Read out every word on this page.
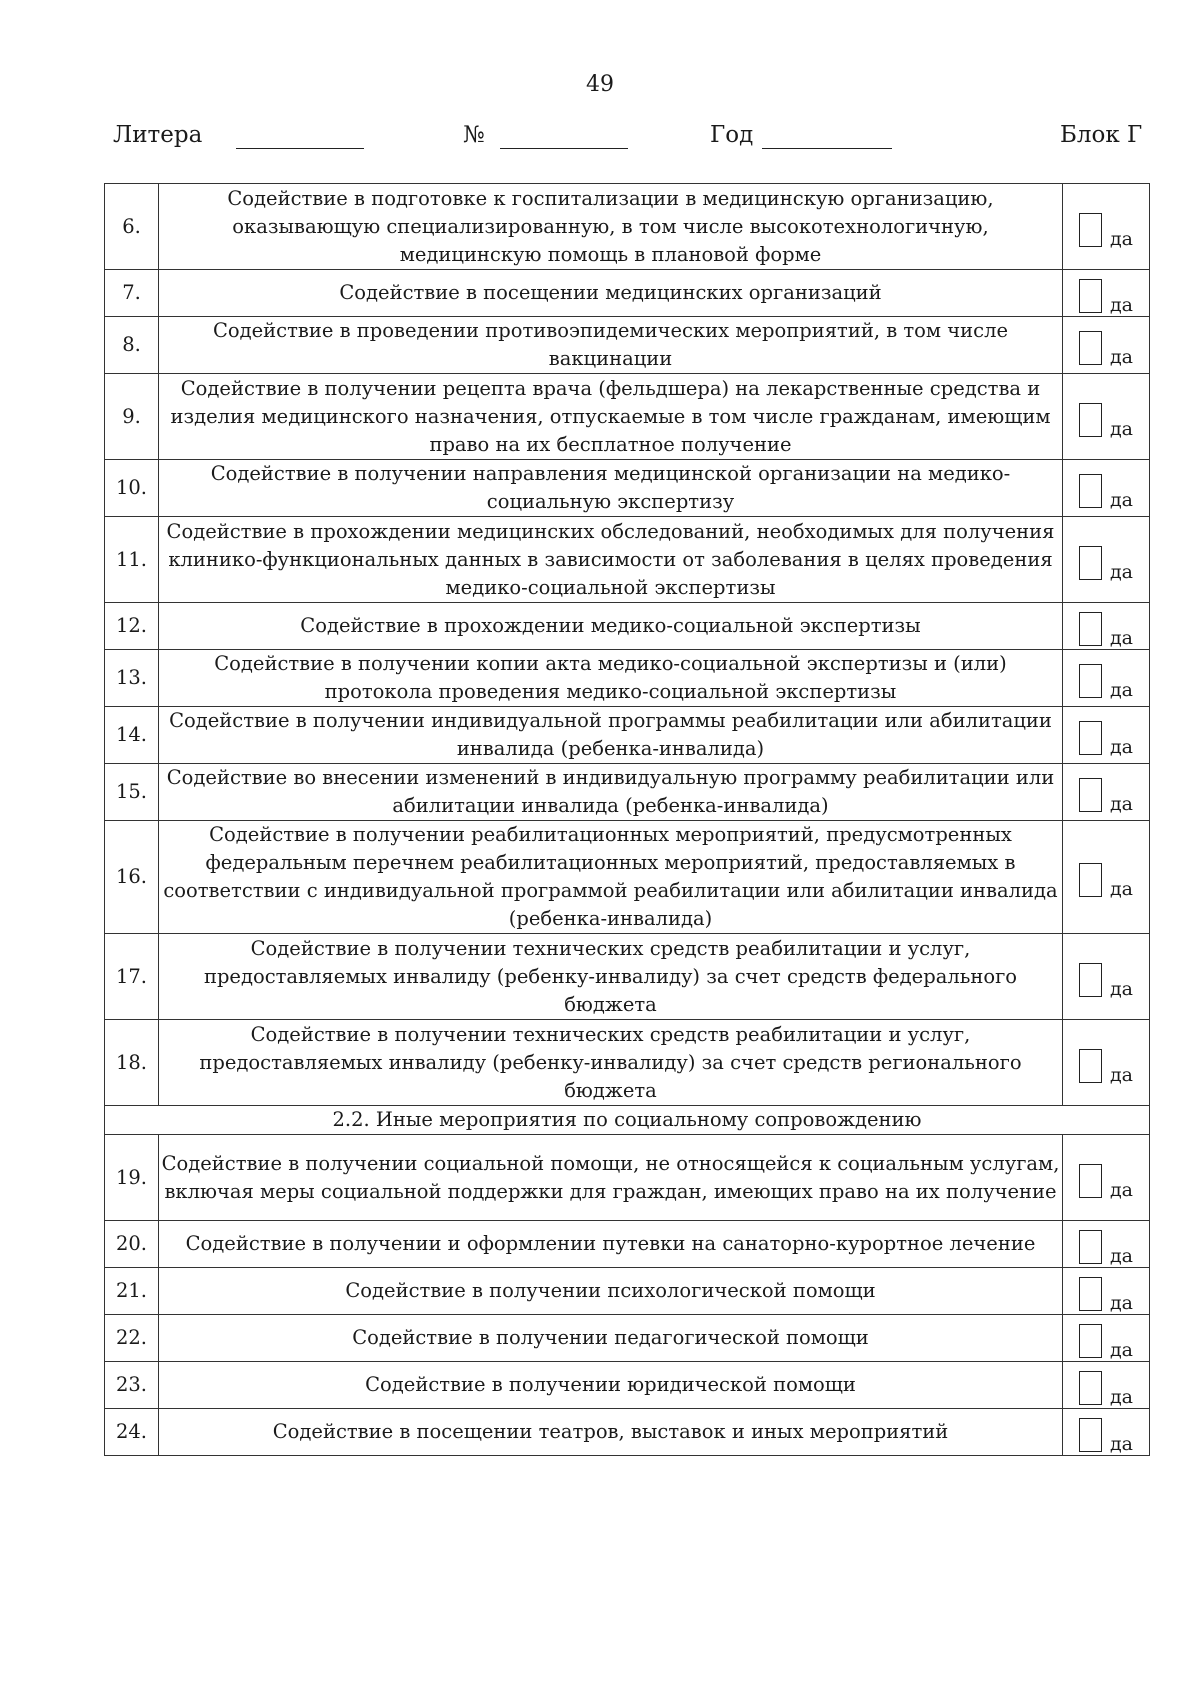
49
Литера	№	Год	Блок Г
6.	Содействие в подготовке к госпитализации в медицинскую организацию, оказывающую специализированную, в том числе высокотехнологичную, медицинскую помощь в плановой форме	да

7.	Содействие в посещении медицинских организаций	да

8.	Содействие в проведении противоэпидемических мероприятий, в том числе вакцинации	да

9.	Содействие в получении рецепта врача (фельдшера) на лекарственные средства и изделия медицинского назначения, отпускаемые в том числе гражданам, имеющим право на их бесплатное получение	да

10.	Содействие в получении направления медицинской организации на медико-социальную экспертизу	да

11.	Содействие в прохождении медицинских обследований, необходимых для получения клинико-функциональных данных в зависимости от заболевания в целях проведения медико-социальной экспертизы	да

12.	Содействие в прохождении медико-социальной экспертизы	да

13.	Содействие в получении копии акта медико-социальной экспертизы и (или) протокола проведения медико-социальной экспертизы	да

14.	Содействие в получении индивидуальной программы реабилитации или абилитации инвалида (ребенка-инвалида)	да

15.	Содействие во внесении изменений в индивидуальную программу реабилитации или абилитации инвалида (ребенка-инвалида)	да

16.	Содействие в получении реабилитационных мероприятий, предусмотренных федеральным перечнем реабилитационных мероприятий, предоставляемых в соответствии с индивидуальной программой реабилитации или абилитации инвалида (ребенка-инвалида)	да

17.	Содействие в получении технических средств реабилитации и услуг, предоставляемых инвалиду (ребенку-инвалиду) за счет средств федерального бюджета	да

18.	Содействие в получении технических средств реабилитации и услуг, предоставляемых инвалиду (ребенку-инвалиду) за счет средств регионального бюджета	да

2.2. Иные мероприятия по социальному сопровождению		
19.	Содействие в получении социальной помощи, не относящейся к социальным услугам, включая меры социальной поддержки для граждан, имеющих право на их получение	да

20.	Содействие в получении и оформлении путевки на санаторно-курортное лечение	да

21.	Содействие в получении психологической помощи	да

22.	Содействие в получении педагогической помощи	да

23.	Содействие в получении юридической помощи	да

24.	Содействие в посещении театров, выставок и иных мероприятий	да
